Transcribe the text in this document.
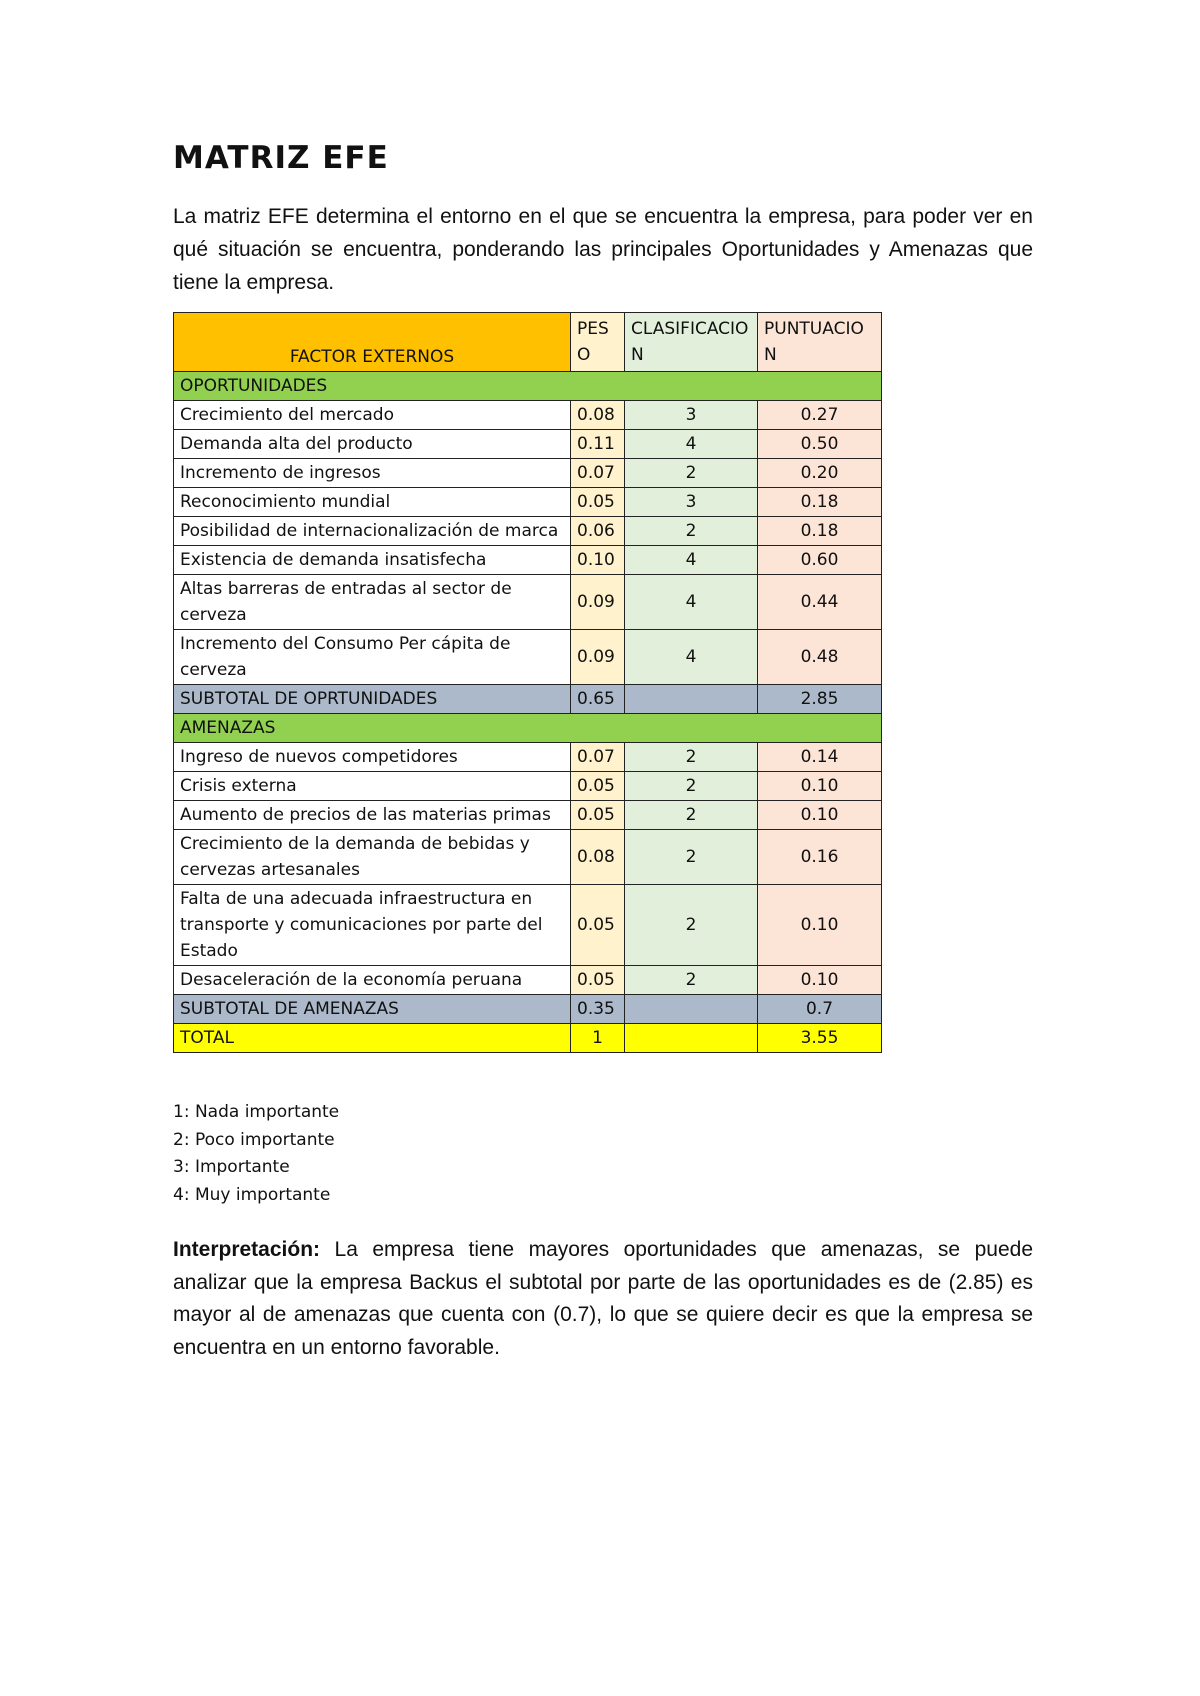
MATRIZ EFE

La matriz EFE determina el entorno en el que se encuentra la empresa, para poder ver en qué situación se encuentra, ponderando las principales Oportunidades y Amenazas que tiene la empresa.

FACTOR EXTERNOS	PESO	CLASIFICACION	PUNTUACION
OPORTUNIDADES			
Crecimiento del mercado	0.08	3	0.27
Demanda alta del producto	0.11	4	0.50
Incremento de ingresos	0.07	2	0.20
Reconocimiento mundial	0.05	3	0.18
Posibilidad de internacionalización de marca	0.06	2	0.18
Existencia de demanda insatisfecha	0.10	4	0.60
Altas barreras de entradas al sector de cerveza	0.09	4	0.44
Incremento del Consumo Per cápita de cerveza	0.09	4	0.48
SUBTOTAL DE OPRTUNIDADES	0.65		2.85
AMENAZAS			
Ingreso de nuevos competidores	0.07	2	0.14
Crisis externa	0.05	2	0.10
Aumento de precios de las materias primas	0.05	2	0.10
Crecimiento de la demanda de bebidas y cervezas artesanales	0.08	2	0.16
Falta de una adecuada infraestructura en transporte y comunicaciones por parte del Estado	0.05	2	0.10
Desaceleración de la economía peruana	0.05	2	0.10
SUBTOTAL DE AMENAZAS	0.35		0.7
TOTAL	1		3.55
1: Nada importante
2: Poco importante
3: Importante
4: Muy importante

Interpretación: La empresa tiene mayores oportunidades que amenazas, se puede analizar que la empresa Backus el subtotal por parte de las oportunidades es de (2.85) es mayor al de amenazas que cuenta con (0.7), lo que se quiere decir es que la empresa se encuentra en un entorno favorable.
